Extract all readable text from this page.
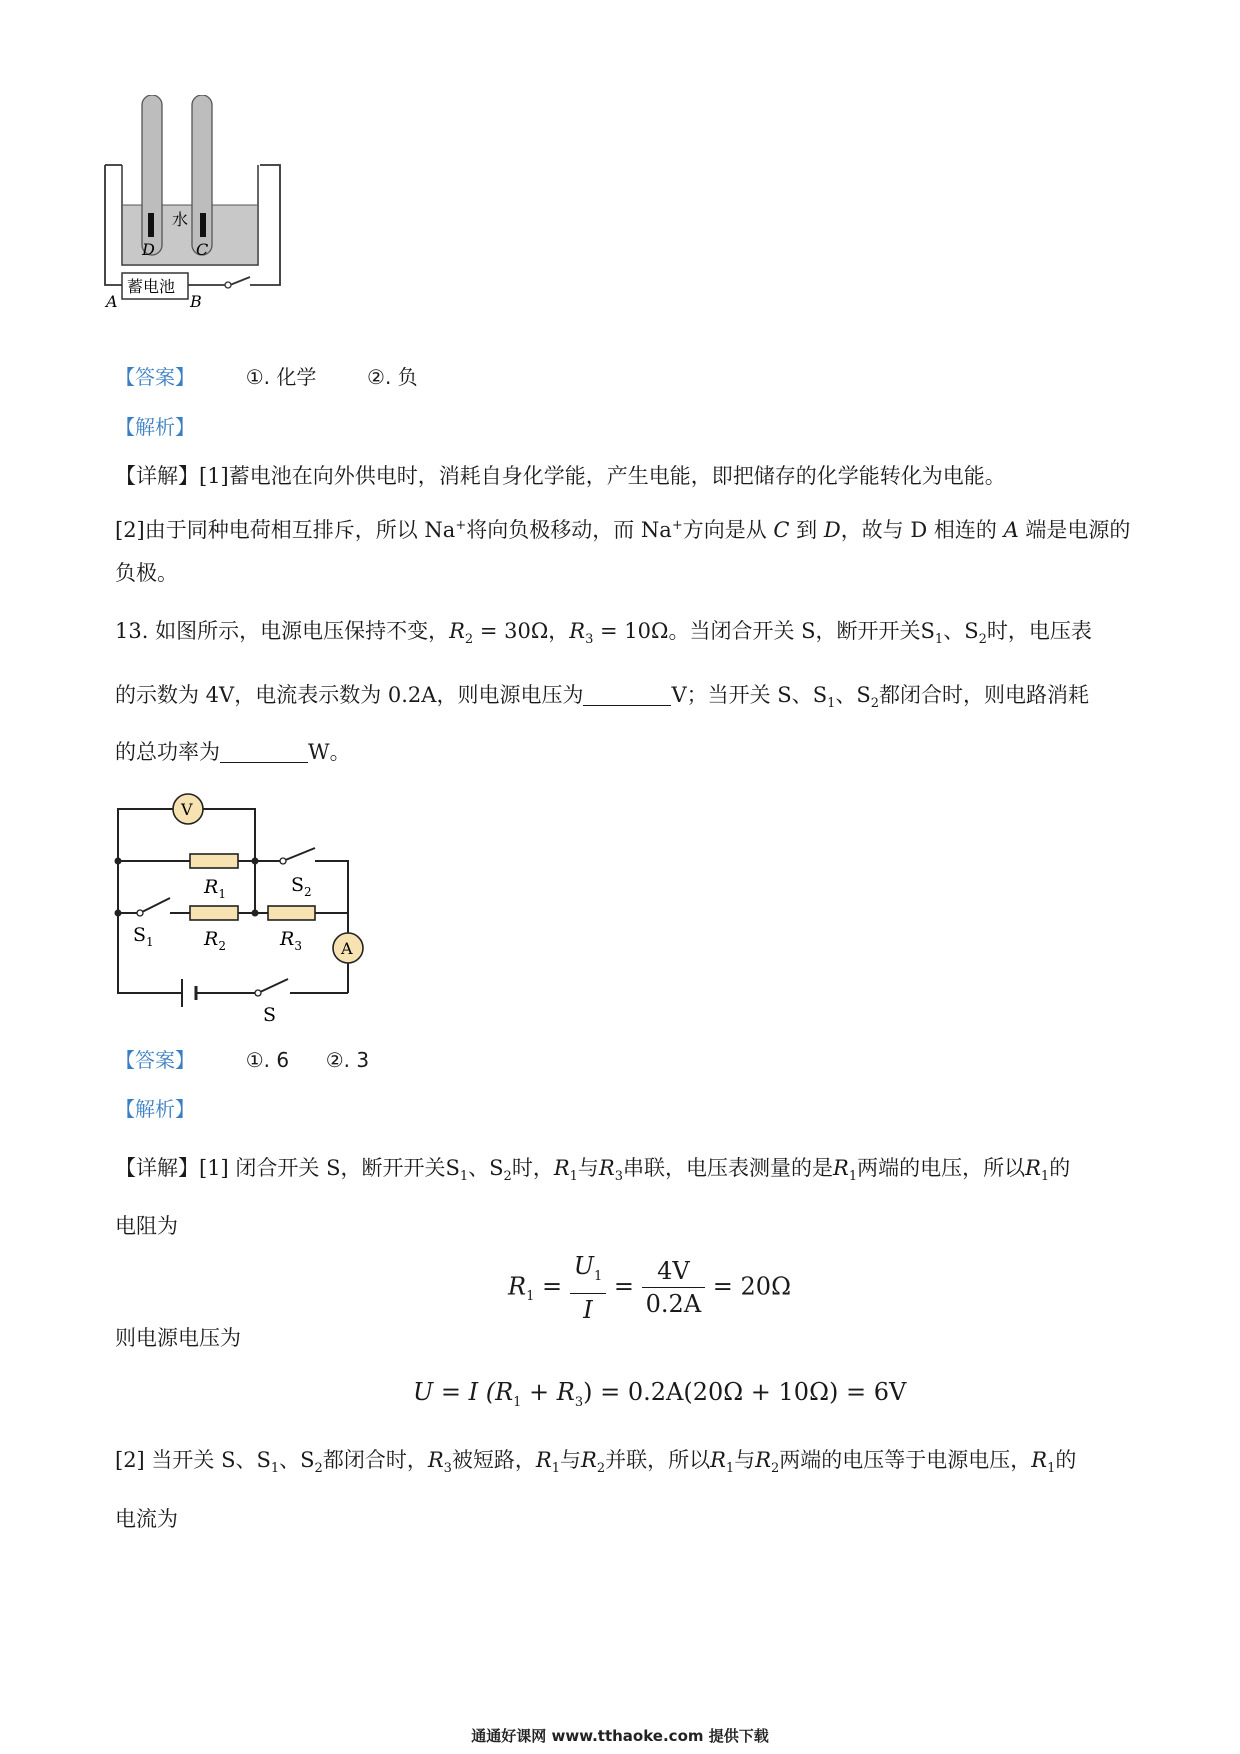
水
D	C
蓄电池
A	B
【答案】	①. 化学	②. 负
【解析】
【详解】[1]蓄电池在向外供电时，消耗自身化学能，产生电能，即把储存的化学能转化为电能。
[2]由于同种电荷相互排斥，所以 Na+将向负极移动，而 Na+方向是从 C 到 D，故与 D 相连的 A 端是电源的
负极。
13. 如图所示，电源电压保持不变，$R_2 = 30\Omega$，$R_3 = 10\Omega$。当闭合开关 S，断开开关$S_1$、$S_2$时，电压表
的示数为 4V，电流表示数为 0.2A，则电源电压为	V；当开关 S、$S_1$、$S_2$都闭合时，则电路消耗
的总功率为	W。
V
A
$R_1$	$S_2$
$S_1$	$R_2$	$R_3$
S
【答案】	①. 6 ②. 3
【解析】
【详解】[1] 闭合开关 S，断开开关$S_1$、$S_2$时，$R_1$与$R_3$串联，电压表测量的是$R_1$两端的电压，所以$R_1$的
电阻为
$R_1 = \frac{U_1}{I} = \frac{4V}{0.2A} = 20\Omega$
则电源电压为
U = I $(R_1 + R_3) = 0.2A(20\Omega + 10\Omega) = 6V$
[2] 当开关 S、$S_1$、$S_2$都闭合时，$R_3$被短路，$R_1$与$R_2$并联，所以$R_1$与$R_2$两端的电压等于电源电压，$R_1$的
电流为
通通好课网 www.tthaoke.com 提供下载
